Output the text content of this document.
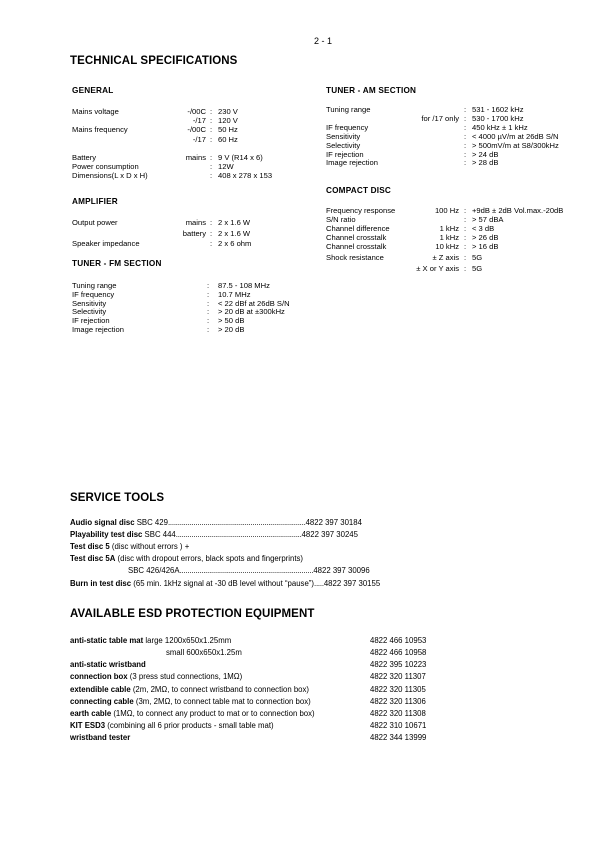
2 - 1
TECHNICAL SPECIFICATIONS
GENERAL
Mains voltage	-/00C : 230 V
-/17 : 120 V
Mains frequency	-/00C : 50 Hz
-/17 : 60 Hz
Battery	mains : 9 V (R14 x 6)
Power consumption	: 12W
Dimensions(L x D x H)	: 408 x 278 x 153
AMPLIFIER
Output power	mains : 2 x 1.6 W
battery : 2 x 1.6 W
Speaker impedance	: 2 x 6 ohm
TUNER - FM SECTION
Tuning range	: 87.5 - 108 MHz
IF frequency	: 10.7 MHz
Sensitivity	: < 22 dBf at 26dB S/N
Selectivity	: > 20 dB at ±300kHz
IF rejection	: > 50 dB
Image rejection	: > 20 dB
TUNER - AM SECTION
Tuning range	: 531 - 1602 kHz
for /17 only : 530 - 1700 kHz
IF frequency	: 450 kHz ± 1 kHz
Sensitivity	: < 4000 µV/m at 26dB S/N
Selectivity	: > 500mV/m at S8/300kHz
IF rejection	: > 24 dB
Image rejection	: > 28 dB
COMPACT DISC
Frequency response	100 Hz : +9dB ± 2dB Vol.max.-20dB
S/N ratio	: > 57 dBA
Channel difference	1 kHz : < 3 dB
Channel crosstalk	1 kHz : > 26 dB
Channel crosstalk	10 kHz : > 16 dB
Shock resistance	± Z axis : 5G
± X or Y axis : 5G
SERVICE TOOLS
Audio signal disc SBC 429......................................................................4822 397 30184
Playability test disc SBC 444................................................................4822 397 30245
Test disc 5 (disc without errors ) +
Test disc 5A (disc with dropout errors, black spots and fingerprints)
SBC 426/426A....................................................................4822 397 30096
Burn in test disc (65 min. 1kHz signal at -30 dB level without “pause”).....4822 397 30155
AVAILABLE ESD PROTECTION EQUIPMENT
anti-static table mat large 1200x650x1.25mm	4822 466 10953
small 600x650x1.25m	4822 466 10958
anti-static wristband	4822 395 10223
connection box (3 press stud connections, 1MΩ)	4822 320 11307
extendible cable (2m, 2MΩ, to connect wristband to connection box)	4822 320 11305
connecting cable (3m, 2MΩ, to connect table mat to connection box)	4822 320 11306
earth cable (1MΩ, to connect any product to mat or to connection box)	4822 320 11308
KIT ESD3 (combining all 6 prior products - small table mat)	4822 310 10671
wristband tester	4822 344 13999
